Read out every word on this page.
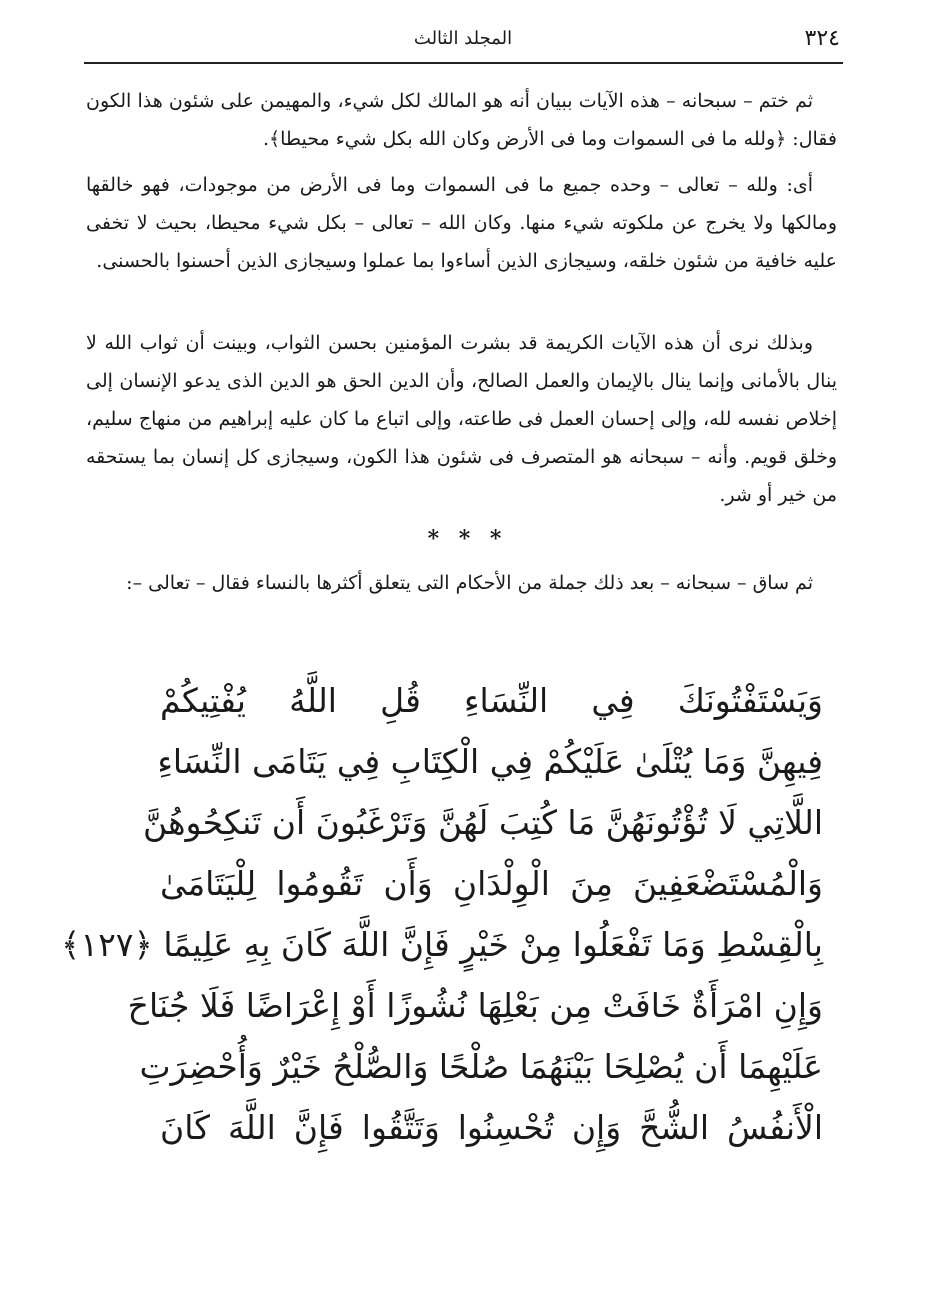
٣٢٤
المجلد الثالث
ثم ختم – سبحانه – هذه الآيات ببيان أنه هو المالك لكل شيء، والمهيمن على شئون هذا الكون فقال: ﴿ولله ما فى السموات وما فى الأرض وكان الله بكل شيء محيطا﴾.
أى: ولله – تعالى – وحده جميع ما فى السموات وما فى الأرض من موجودات، فهو خالقها ومالكها ولا يخرج عن ملكوته شيء منها. وكان الله – تعالى – بكل شيء محيطا، بحيث لا تخفى عليه خافية من شئون خلقه، وسيجازى الذين أساءوا بما عملوا وسيجازى الذين أحسنوا بالحسنى.
وبذلك نرى أن هذه الآيات الكريمة قد بشرت المؤمنين بحسن الثواب، وبينت أن ثواب الله لا ينال بالأمانى وإنما ينال بالإيمان والعمل الصالح، وأن الدين الحق هو الدين الذى يدعو الإنسان إلى إخلاص نفسه لله، وإلى إحسان العمل فى طاعته، وإلى اتباع ما كان عليه إبراهيم من منهاج سليم، وخلق قويم. وأنه – سبحانه هو المتصرف فى شئون هذا الكون، وسيجازى كل إنسان بما يستحقه من خير أو شر.
* * *
ثم ساق – سبحانه – بعد ذلك جملة من الأحكام التى يتعلق أكثرها بالنساء فقال – تعالى –:
وَيَسْتَفْتُونَكَ فِي النِّسَاءِ قُلِ اللَّهُ يُفْتِيكُمْ
فِيهِنَّ وَمَا يُتْلَىٰ عَلَيْكُمْ فِي الْكِتَابِ فِي يَتَامَى النِّسَاءِ
اللَّاتِي لَا تُؤْتُونَهُنَّ مَا كُتِبَ لَهُنَّ وَتَرْغَبُونَ أَن تَنكِحُوهُنَّ
وَالْمُسْتَضْعَفِينَ مِنَ الْوِلْدَانِ وَأَن تَقُومُوا لِلْيَتَامَىٰ
بِالْقِسْطِ وَمَا تَفْعَلُوا مِنْ خَيْرٍ فَإِنَّ اللَّهَ كَانَ بِهِ عَلِيمًا ﴿١٢٧﴾
وَإِنِ امْرَأَةٌ خَافَتْ مِن بَعْلِهَا نُشُوزًا أَوْ إِعْرَاضًا فَلَا جُنَاحَ
عَلَيْهِمَا أَن يُصْلِحَا بَيْنَهُمَا صُلْحًا وَالصُّلْحُ خَيْرٌ وَأُحْضِرَتِ
الْأَنفُسُ الشُّحَّ وَإِن تُحْسِنُوا وَتَتَّقُوا فَإِنَّ اللَّهَ كَانَ
